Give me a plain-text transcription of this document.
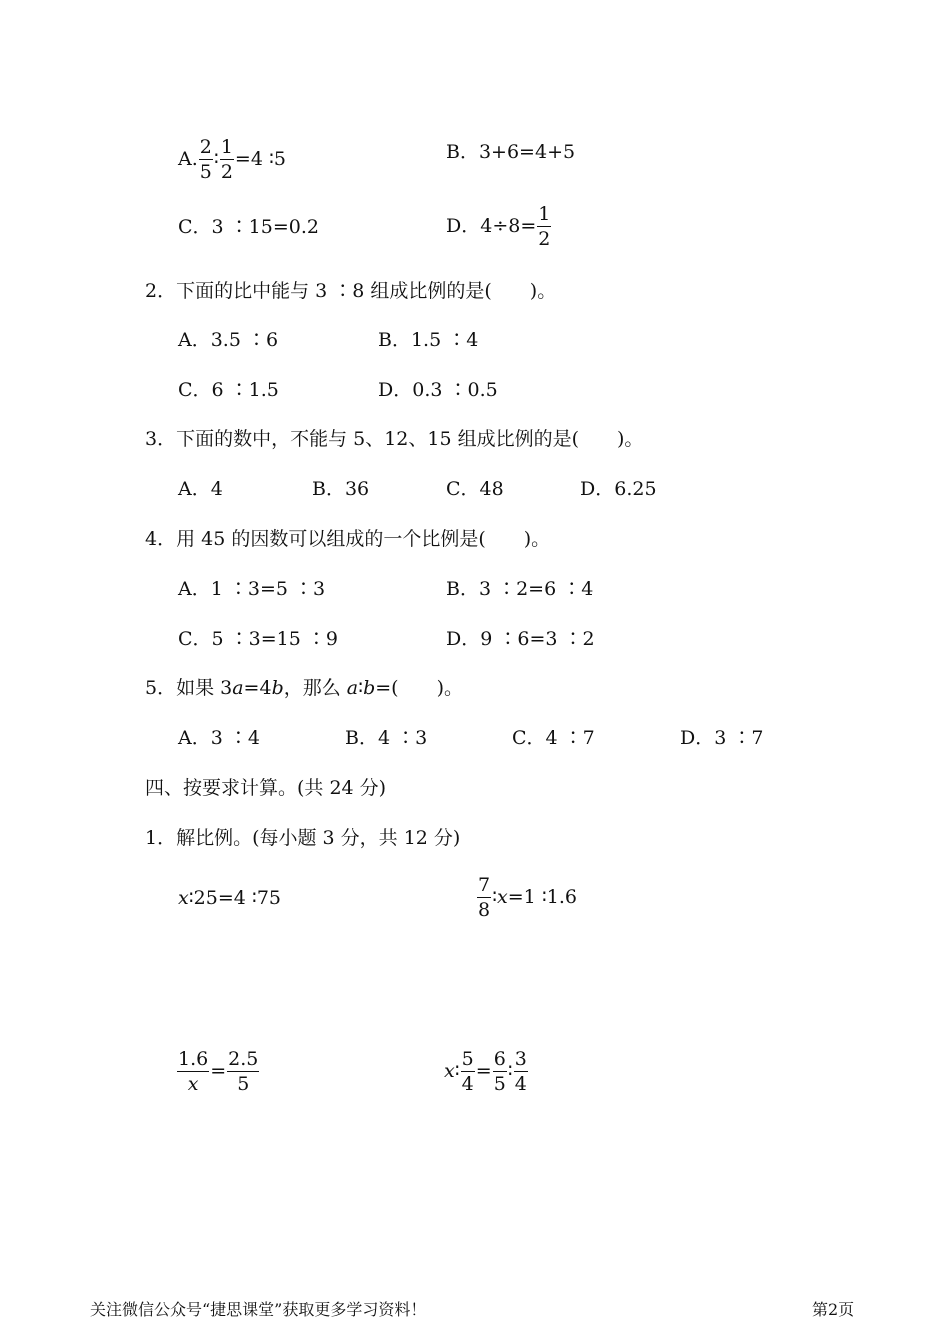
A. $\frac{2}{5}$ ∶ $\frac{1}{2} =4$ ∶5	B．3+6=4+5
C．3 ∶15=0.2	D．$4\div 8= \frac{1}{2}$
2．下面的比中能与 3 ∶8 组成比例的是(　　)。
A．3.5 ∶6	B．1.5 ∶4
C．6 ∶1.5	D．0.3 ∶0.5
3．下面的数中，不能与 5、12、15 组成比例的是(　　)。
A．4	B．36	C．48	D．6.25
4．用 45 的因数可以组成的一个比例是(　　)。
A．1 ∶3=5 ∶3	B．3 ∶2=6 ∶4
C．5 ∶3=15 ∶9	D．9 ∶6=3 ∶2
5．如果 3a=4b，那么 a∶b=(　　)。
A．3 ∶4	B．4 ∶3	C．4 ∶7	D．3 ∶7
四、按要求计算。(共 24 分)
1．解比例。(每小题 3 分，共 12 分)
x∶25=4 ∶75	$\frac{7}{8}$ ∶x=1 ∶1.6
$\frac{1.6}{x} = \frac{2.5}{5}$	x∶ $\frac{5}{4} = \frac{6}{5}$ ∶ $\frac{3}{4}$
关注微信公众号“捷思课堂”获取更多学习资料！	第2页
